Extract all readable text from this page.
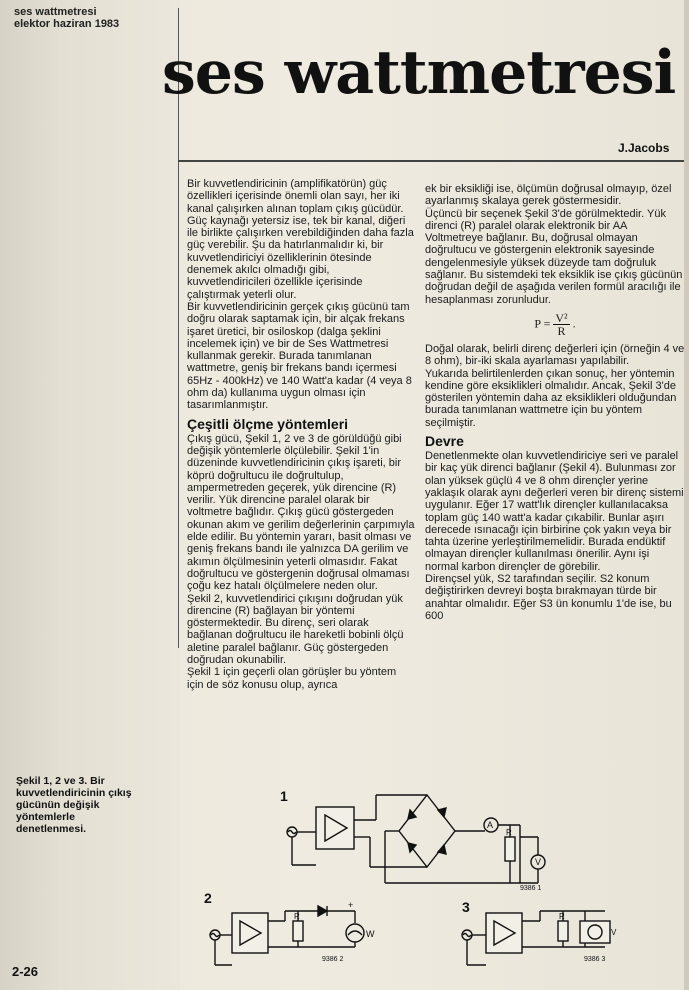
ses wattmetresi
elektor haziran 1983
ses wattmetresi
J.Jacobs

Bir kuvvetlendiricinin (amplifikatörün) güç özellikleri içerisinde önemli olan sayı, her iki kanal çalışırken alınan toplam çıkış gücüdür. Güç kaynağı yetersiz ise, tek bir kanal, diğeri ile birlikte çalışırken verebildiğinden daha fazla güç verebilir. Şu da hatırlanmalıdır ki, bir kuvvetlendiriciyi özelliklerinin ötesinde denemek akılcı olmadığı gibi, kuvvetlendiricileri özellikle içerisinde çalıştırmak yeterli olur.

Bir kuvvetlendiricinin gerçek çıkış gücünü tam doğru olarak saptamak için, bir alçak frekans işaret üretici, bir osiloskop (dalga şeklini incelemek için) ve bir de Ses Wattmetresi kullanmak gerekir. Burada tanımlanan wattmetre, geniş bir frekans bandı içermesi 65Hz - 400kHz) ve 140 Watt'a kadar (4 veya 8 ohm da) kullanıma uygun olması için tasarımlanmıştır.

Çeşitli ölçme yöntemleri

Çıkış gücü, Şekil 1, 2 ve 3 de görüldüğü gibi değişik yöntemlerle ölçülebilir. Şekil 1'in düzeninde kuvvetlendiricinin çıkış işareti, bir köprü doğrultucu ile doğrultulup, ampermetreden geçerek, yük direncine (R) verilir. Yük direncine paralel olarak bir voltmetre bağlıdır. Çıkış gücü göstergeden okunan akım ve gerilim değerlerinin çarpımıyla elde edilir. Bu yöntemin yararı, basit olması ve geniş frekans bandı ile yalnızca DA gerilim ve akımın ölçülmesinin yeterli olmasıdır. Fakat doğrultucu ve göstergenin doğrusal olmaması çoğu kez hatalı ölçülmelere neden olur.

Şekil 2, kuvvetlendirici çıkışını doğrudan yük direncine (R) bağlayan bir yöntemi göstermektedir. Bu direnç, seri olarak bağlanan doğrultucu ile hareketli bobinli ölçü aletine paralel bağlanır. Güç göstergeden doğrudan okunabilir.

Şekil 1 için geçerli olan görüşler bu yöntem için de söz konusu olup, ayrıca

ek bir eksikliği ise, ölçümün doğrusal olmayıp, özel ayarlanmış skalaya gerek göstermesidir.

Üçüncü bir seçenek Şekil 3'de görülmektedir. Yük direnci (R) paralel olarak elektronik bir AA Voltmetreye bağlanır. Bu, doğrusal olmayan doğrultucu ve göstergenin elektronik sayesinde dengelenmesiyle yüksek düzeyde tam doğruluk sağlanır. Bu sistemdeki tek eksiklik ise çıkış gücünün doğrudan değil de aşağıda verilen formül aracılığı ile hesaplanması zorunludur.

$P = \frac{\text{V²}}{R}$ .

Doğal olarak, belirli direnç değerleri için (örneğin 4 ve 8 ohm), bir-iki skala ayarlaması yapılabilir.

Yukarıda belirtilenlerden çıkan sonuç, her yöntemin kendine göre eksiklikleri olmalıdır. Ancak, Şekil 3'de gösterilen yöntemin daha az eksiklikleri olduğundan burada tanımlanan wattmetre için bu yöntem seçilmiştir.

Devre

Denetlenmekte olan kuvvetlendiriciye seri ve paralel bir kaç yük direnci bağlanır (Şekil 4). Bulunması zor olan yüksek güçlü 4 ve 8 ohm dirençler yerine yaklaşık olarak aynı değerleri veren bir direnç sistemi uygulanır. Eğer 17 watt'lık dirençler kullanılacaksa toplam güç 140 watt'a kadar çıkabilir. Bunlar aşırı derecede ısınacağı için birbirine çok yakın veya bir tahta üzerine yerleştirilmemelidir. Burada endüktif olmayan dirençler kullanılması önerilir. Aynı işi normal karbon dirençler de görebilir.

Dirençsel yük, S2 tarafından seçilir. S2 konum değiştirirken devreyi boşta bırakmayan türde bir anahtar olmalıdır. Eğer S3 ün konumlu 1'de ise, bu 600

Şekil 1, 2 ve 3. Bir kuvvetlendiricinin çıkış gücünün değişik yöntemlerle denetlenmesi.
1
2
3
A
V
R
+
W
R	R
V
9386 1
9386 2	9386 3
2-26
